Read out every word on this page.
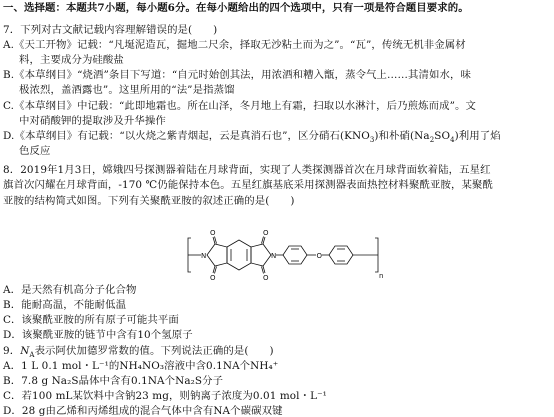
一、选择题：本题共7小题，每小题6分。在每小题给出的四个选项中，只有一项是符合题目要求的。
7．下列对古文献记载内容理解错误的是(　　)
A.《天工开物》记载：“凡埏泥造瓦，掘地二尺余，择取无沙粘土而为之”。“瓦”，传统无机非金属材
料，主要成分为硅酸盐
B.《本草纲目》“烧酒”条目下写道：“自元时始创其法，用浓酒和糟入甑，蒸令气上……其清如水，味
极浓烈，盖酒露也”。这里所用的“法”是指蒸馏
C.《本草纲目》中记载：“此即地霜也。所在山泽，冬月地上有霜，扫取以水淋汁，后乃煎炼而成”。文
中对硝酸钾的提取涉及升华操作
D.《本草纲目》有记载：“以火烧之紫青烟起，云是真消石也”，区分硝石$(KNO_3)$和朴硝$(Na_2SO_4)$利用了焰
色反应
8．2019年1月3日，嫦娥四号探测器着陆在月球背面，实现了人类探测器首次在月球背面软着陆，五星红
旗首次闪耀在月球背面，-170 ℃仍能保持本色。五星红旗基底采用探测器表面热控材料聚酰亚胺，某聚酰
亚胺的结构简式如图。下列有关聚酰亚胺的叙述正确的是(　　)
O
O
O
O
N	N	O
n
A．是天然有机高分子化合物
B．能耐高温，不能耐低温
C．该聚酰亚胺的所有原子可能共平面
D．该聚酰亚胺的链节中含有10个氢原子
9．$N_A$表示阿伏加德罗常数的值。下列说法正确的是(　　)
A．1 L 0.1 mol・L⁻¹的NH₄NO₃溶液中含0.1NA个NH₄⁺
B．7.8 g Na₂S晶体中含有0.1NA个Na₂S分子
C．若100 mL某饮料中含钠23 mg，则钠离子浓度为0.01 mol・L⁻¹
D．28 g由乙烯和丙烯组成的混合气体中含有NA个碳碳双键
